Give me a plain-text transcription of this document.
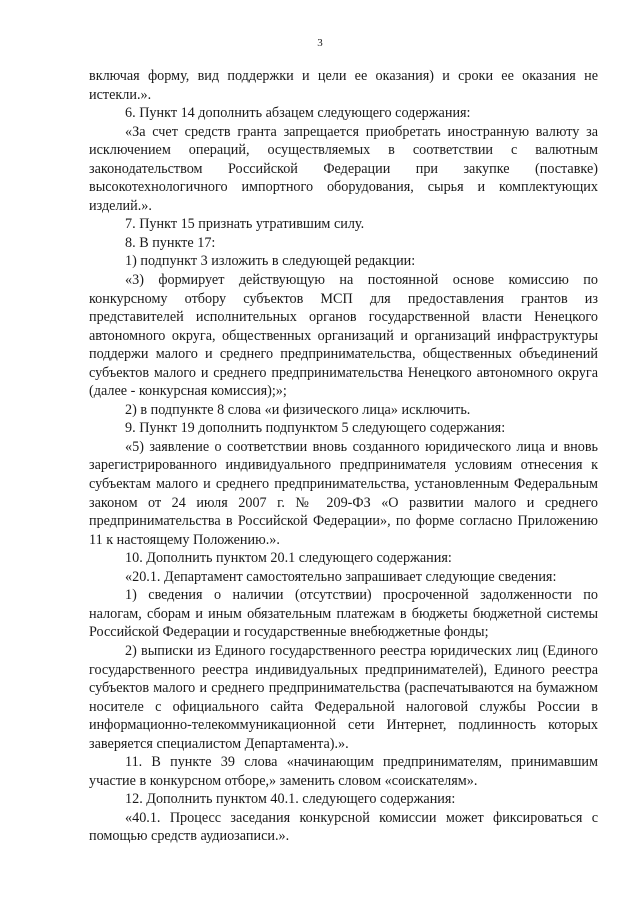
3

включая форму, вид поддержки и цели ее оказания) и сроки ее оказания не истекли.».

6. Пункт 14 дополнить абзацем следующего содержания:

«За счет средств гранта запрещается приобретать иностранную валюту за исключением операций, осуществляемых в соответствии с валютным законодательством Российской Федерации при закупке (поставке) высокотехнологичного импортного оборудования, сырья и комплектующих изделий.».

7. Пункт 15 признать утратившим силу.

8. В пункте 17:

1) подпункт 3 изложить в следующей редакции:

«3) формирует действующую на постоянной основе комиссию по конкурсному отбору субъектов МСП для предоставления грантов из представителей исполнительных органов государственной власти Ненецкого автономного округа, общественных организаций и организаций инфраструктуры поддержи малого и среднего предпринимательства, общественных объединений субъектов малого и среднего предпринимательства Ненецкого автономного округа (далее - конкурсная комиссия);»;

2) в подпункте 8 слова «и физического лица» исключить.

9. Пункт 19 дополнить подпунктом 5 следующего содержания:

«5) заявление о соответствии вновь созданного юридического лица и вновь зарегистрированного индивидуального предпринимателя условиям отнесения к субъектам малого и среднего предпринимательства, установленным Федеральным законом от 24 июля 2007 г. № 209-ФЗ «О развитии малого и среднего предпринимательства в Российской Федерации», по форме согласно Приложению 11 к настоящему Положению.».

10. Дополнить пунктом 20.1 следующего содержания:

«20.1. Департамент самостоятельно запрашивает следующие сведения:

1) сведения о наличии (отсутствии) просроченной задолженности по налогам, сборам и иным обязательным платежам в бюджеты бюджетной системы Российской Федерации и государственные внебюджетные фонды;

2) выписки из Единого государственного реестра юридических лиц (Единого государственного реестра индивидуальных предпринимателей), Единого реестра субъектов малого и среднего предпринимательства (распечатываются на бумажном носителе с официального сайта Федеральной налоговой службы России в информационно-телекоммуникационной сети Интернет, подлинность которых заверяется специалистом Департамента).».

11. В пункте 39 слова «начинающим предпринимателям, принимавшим участие в конкурсном отборе,» заменить словом «соискателям».

12. Дополнить пунктом 40.1. следующего содержания:

«40.1. Процесс заседания конкурсной комиссии может фиксироваться с помощью средств аудиозаписи.».
